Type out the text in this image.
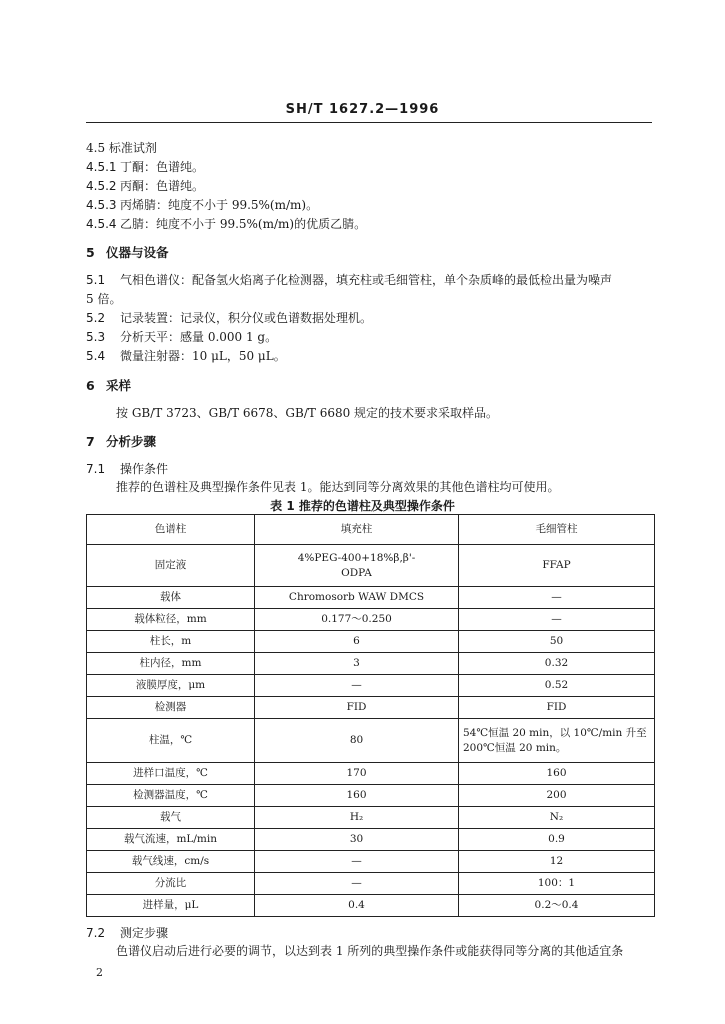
SH/T 1627.2—1996
4.5 标准试剂
4.5.1 丁酮：色谱纯。
4.5.2 丙酮：色谱纯。
4.5.3 丙烯腈：纯度不小于 99.5%(m/m)。
4.5.4 乙腈：纯度不小于 99.5%(m/m)的优质乙腈。
5 仪器与设备
5.1 气相色谱仪：配备氢火焰离子化检测器，填充柱或毛细管柱，单个杂质峰的最低检出量为噪声
5 倍。
5.2 记录装置：记录仪，积分仪或色谱数据处理机。
5.3 分析天平：感量 0.000 1 g。
5.4 微量注射器：10 μL，50 μL。
6 采样
按 GB/T 3723、GB/T 6678、GB/T 6680 规定的技术要求采取样品。
7 分析步骤
7.1 操作条件
推荐的色谱柱及典型操作条件见表 1。能达到同等分离效果的其他色谱柱均可使用。
表 1 推荐的色谱柱及典型操作条件
色谱柱	填充柱	毛细管柱
固定液	4%PEG-400+18%β,β'-ODPA	FFAP
载体	Chromosorb WAW DMCS	—
载体粒径，mm	0.177～0.250	—
柱长，m	6	50
柱内径，mm	3	0.32
液膜厚度，μm	—	0.52
检测器	FID	FID
柱温，℃	80	54℃恒温 20 min，以 10℃/min 升至 200℃恒温 20 min。
进样口温度，℃	170	160
检测器温度，℃	160	200
载气	H₂	N₂
载气流速，mL/min	30	0.9
载气线速，cm/s	—	12
分流比	—	100：1
进样量，μL	0.4	0.2～0.4
7.2 测定步骤
色谱仪启动后进行必要的调节，以达到表 1 所列的典型操作条件或能获得同等分离的其他适宜条
2
